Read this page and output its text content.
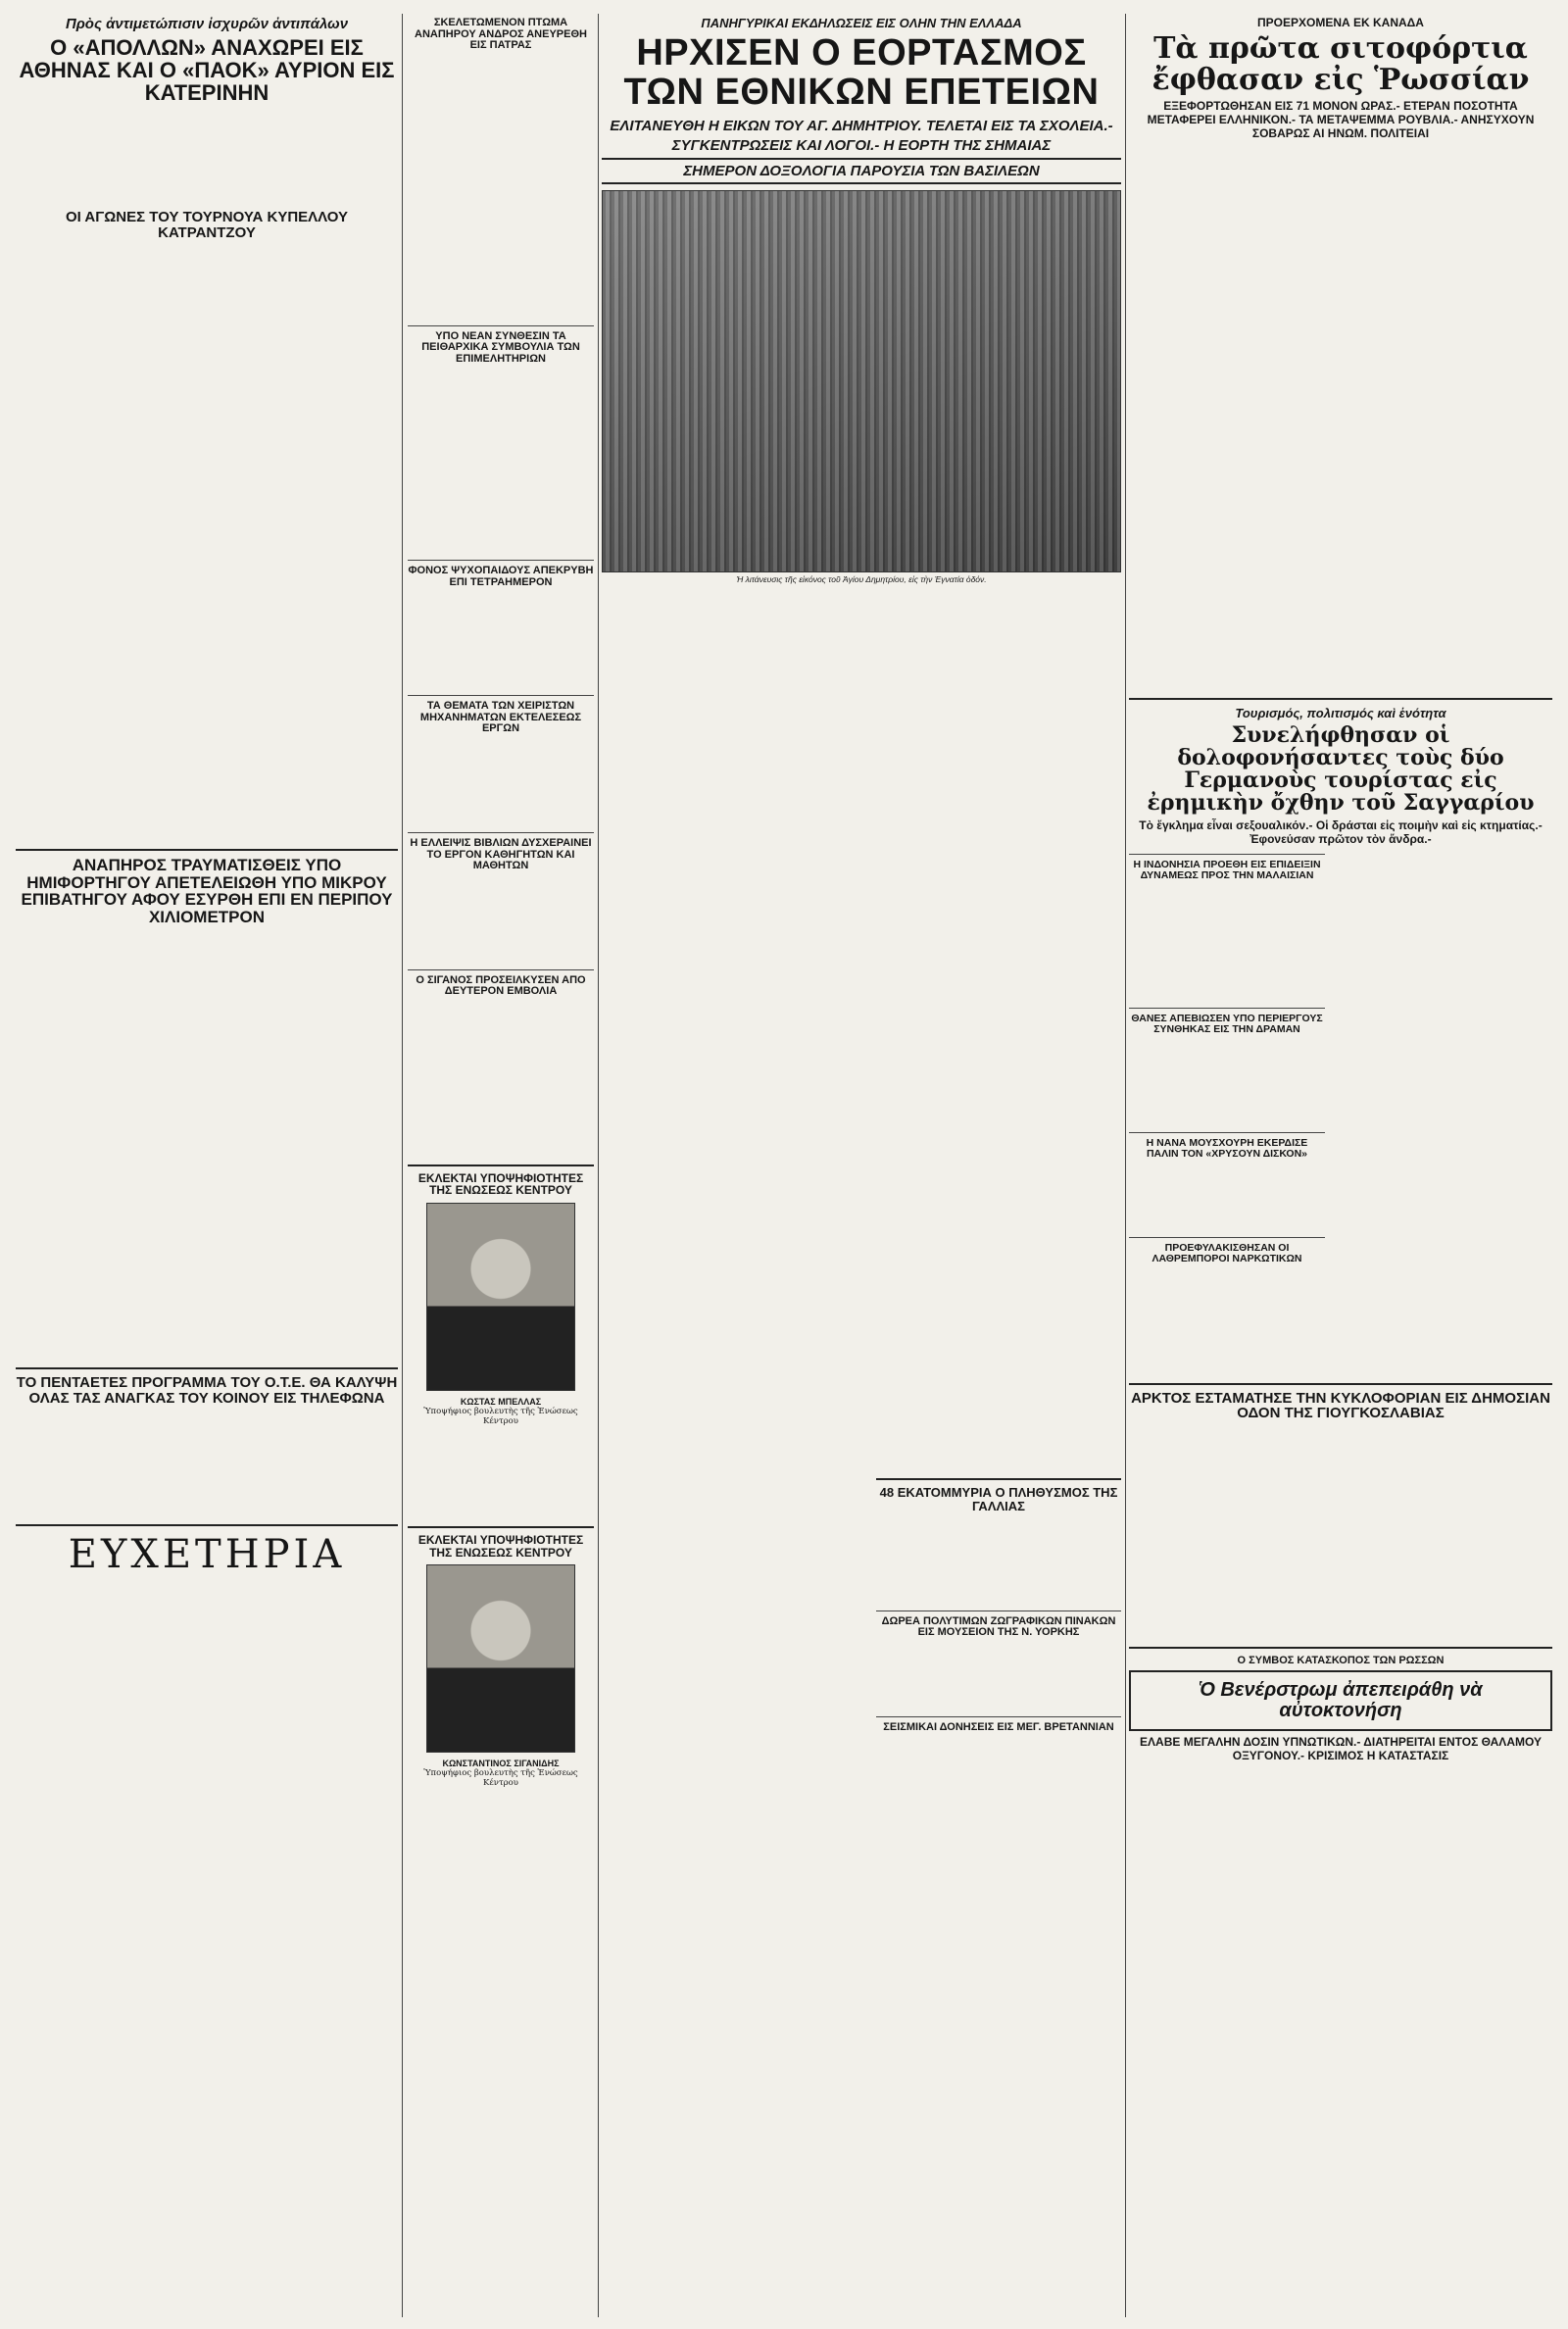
Πρὸς ἀντιμετώπισιν ἰσχυρῶν ἀντιπάλων
Ο «ΑΠΟΛΛΩΝ» ΑΝΑΧΩΡΕΙ ΕΙΣ ΑΘΗΝΑΣ ΚΑΙ Ο «ΠΑΟΚ» ΑΥΡΙΟΝ ΕΙΣ ΚΑΤΕΡΙΝΗΝ
ΟΙ ΑΓΩΝΕΣ ΤΟΥ ΤΟΥΡΝΟΥΑ ΚΥΠΕΛΛΟΥ ΚΑΤΡΑΝΤΖΟΥ
ΑΝΑΠΗΡΟΣ ΤΡΑΥΜΑΤΙΣΘΕΙΣ ΥΠΟ ΗΜΙΦΟΡΤΗΓΟΥ ΑΠΕΤΕΛΕΙΩΘΗ ΥΠΟ ΜΙΚΡΟΥ ΕΠΙΒΑΤΗΓΟΥ ΑΦΟΥ ΕΣΥΡΘΗ ΕΠΙ ΕΝ ΠΕΡΙΠΟΥ ΧΙΛΙΟΜΕΤΡΟΝ
ΤΟ ΠΕΝΤΑΕΤΕΣ ΠΡΟΓΡΑΜΜΑ ΤΟΥ Ο.Τ.Ε. ΘΑ ΚΑΛΥΨΗ ΟΛΑΣ ΤΑΣ ΑΝΑΓΚΑΣ ΤΟΥ ΚΟΙΝΟΥ ΕΙΣ ΤΗΛΕΦΩΝΑ
ΕΥΧΕΤΗΡΙΑ
ΣΚΕΛΕΤΩΜΕΝΟΝ ΠΤΩΜΑ ΑΝΑΠΗΡΟΥ ΑΝΔΡΟΣ ΑΝΕΥΡΕΘΗ ΕΙΣ ΠΑΤΡΑΣ
ΥΠΟ ΝΕΑΝ ΣΥΝΘΕΣΙΝ ΤΑ ΠΕΙΘΑΡΧΙΚΑ ΣΥΜΒΟΥΛΙΑ ΤΩΝ ΕΠΙΜΕΛΗΤΗΡΙΩΝ
ΦΟΝΟΣ ΨΥΧΟΠΑΙΔΟΥΣ ΑΠΕΚΡΥΒΗ ΕΠΙ ΤΕΤΡΑΗΜΕΡΟΝ
ΤΑ ΘΕΜΑΤΑ ΤΩΝ ΧΕΙΡΙΣΤΩΝ ΜΗΧΑΝΗΜΑΤΩΝ ΕΚΤΕΛΕΣΕΩΣ ΕΡΓΩΝ
Η ΕΛΛΕΙΨΙΣ ΒΙΒΛΙΩΝ ΔΥΣΧΕΡΑΙΝΕΙ ΤΟ ΕΡΓΟΝ ΚΑΘΗΓΗΤΩΝ ΚΑΙ ΜΑΘΗΤΩΝ
Ο ΣΙΓΑΝΟΣ ΠΡΟΣΕΙΛΚΥΣΕΝ ΑΠΟ ΔΕΥΤΕΡΟΝ ΕΜΒΟΛΙΑ
ΕΚΛΕΚΤΑΙ ΥΠΟΨΗΦΙΟΤΗΤΕΣ ΤΗΣ ΕΝΩΣΕΩΣ ΚΕΝΤΡΟΥ
ΚΩΣΤΑΣ ΜΠΕΛΛΑΣ
Ὑποψήφιος βουλευτὴς τῆς Ἑνώσεως Κέντρου
ΕΚΛΕΚΤΑΙ ΥΠΟΨΗΦΙΟΤΗΤΕΣ ΤΗΣ ΕΝΩΣΕΩΣ ΚΕΝΤΡΟΥ
ΚΩΝΣΤΑΝΤΙΝΟΣ ΣΙΓΑΝΙΔΗΣ
Ὑποψήφιος βουλευτὴς τῆς Ἑνώσεως Κέντρου
ΠΑΝΗΓΥΡΙΚΑΙ ΕΚΔΗΛΩΣΕΙΣ ΕΙΣ ΟΛΗΝ ΤΗΝ ΕΛΛΑΔΑ
ΗΡΧΙΣΕΝ Ο ΕΟΡΤΑΣΜΟΣ ΤΩΝ ΕΘΝΙΚΩΝ ΕΠΕΤΕΙΩΝ
ΕΛΙΤΑΝΕΥΘΗ Η ΕΙΚΩΝ ΤΟΥ ΑΓ. ΔΗΜΗΤΡΙΟΥ. ΤΕΛΕΤΑΙ ΕΙΣ ΤΑ ΣΧΟΛΕΙΑ.- ΣΥΓΚΕΝΤΡΩΣΕΙΣ ΚΑΙ ΛΟΓΟΙ.- Η ΕΟΡΤΗ ΤΗΣ ΣΗΜΑΙΑΣ
ΣΗΜΕΡΟΝ ΔΟΞΟΛΟΓΙΑ ΠΑΡΟΥΣΙΑ ΤΩΝ ΒΑΣΙΛΕΩΝ
Ἡ λιτάνευσις τῆς εἰκόνος τοῦ Ἁγίου Δημητρίου, εἰς τὴν Ἐγνατία ὁδόν.
48 ΕΚΑΤΟΜΜΥΡΙΑ Ο ΠΛΗΘΥΣΜΟΣ ΤΗΣ ΓΑΛΛΙΑΣ
ΔΩΡΕΑ ΠΟΛΥΤΙΜΩΝ ΖΩΓΡΑΦΙΚΩΝ ΠΙΝΑΚΩΝ ΕΙΣ ΜΟΥΣΕΙΟΝ ΤΗΣ Ν. ΥΟΡΚΗΣ
ΣΕΙΣΜΙΚΑΙ ΔΟΝΗΣΕΙΣ ΕΙΣ ΜΕΓ. ΒΡΕΤΑΝΝΙΑΝ
ΠΡΟΕΡΧΟΜΕΝΑ ΕΚ ΚΑΝΑΔΑ
Τὰ πρῶτα σιτοφόρτια ἔφθασαν εἰς Ῥωσσίαν
ΕΞΕΦΟΡΤΩΘΗΣΑΝ ΕΙΣ 71 ΜΟΝΟΝ ΩΡΑΣ.- ΕΤΕΡΑΝ ΠΟΣΟΤΗΤΑ ΜΕΤΑΦΕΡΕΙ ΕΛΛΗΝΙΚΟΝ.- ΤΑ ΜΕΤΑΨΕΜΜΑ ΡΟΥΒΛΙΑ.- ΑΝΗΣΥΧΟΥΝ ΣΟΒΑΡΩΣ ΑΙ ΗΝΩΜ. ΠΟΛΙΤΕΙΑΙ
Τουρισμός, πολιτισμός καὶ ἑνότητα
Συνελήφθησαν οἱ δολοφονήσαντες τοὺς δύο Γερμανοὺς τουρίστας εἰς ἐρημικὴν ὄχθην τοῦ Σαγγαρίου
Τὸ ἔγκλημα εἶναι σεξουαλικόν.- Οἱ δράσται εἰς ποιμὴν καὶ εἰς κτηματίας.- Ἐφονεύσαν πρῶτον τὸν ἄνδρα.-
Η ΙΝΔΟΝΗΣΙΑ ΠΡΟΕΘΗ ΕΙΣ ΕΠΙΔΕΙΞΙΝ ΔΥΝΑΜΕΩΣ ΠΡΟΣ ΤΗΝ ΜΑΛΑΙΣΙΑΝ
ΘΑΝΕΣ ΑΠΕΒΙΩΣΕΝ ΥΠΟ ΠΕΡΙΕΡΓΟΥΣ ΣΥΝΘΗΚΑΣ ΕΙΣ ΤΗΝ ΔΡΑΜΑΝ
Η ΝΑΝΑ ΜΟΥΣΧΟΥΡΗ ΕΚΕΡΔΙΣΕ ΠΑΛΙΝ ΤΟΝ «ΧΡΥΣΟΥΝ ΔΙΣΚΟΝ»
ΠΡΟΕΦΥΛΑΚΙΣΘΗΣΑΝ ΟΙ ΛΑΘΡΕΜΠΟΡΟΙ ΝΑΡΚΩΤΙΚΩΝ
ΑΡΚΤΟΣ ΕΣΤΑΜΑΤΗΣΕ ΤΗΝ ΚΥΚΛΟΦΟΡΙΑΝ ΕΙΣ ΔΗΜΟΣΙΑΝ ΟΔΟΝ ΤΗΣ ΓΙΟΥΓΚΟΣΛΑΒΙΑΣ
Ο ΣΥΜΒΟΣ ΚΑΤΑΣΚΟΠΟΣ ΤΩΝ ΡΩΣΣΩΝ
Ὁ Βενέρστρωμ ἀπεπειράθη νὰ αὐτοκτονήση
ΕΛΑΒΕ ΜΕΓΑΛΗΝ ΔΟΣΙΝ ΥΠΝΩΤΙΚΩΝ.- ΔΙΑΤΗΡΕΙΤΑΙ ΕΝΤΟΣ ΘΑΛΑΜΟΥ ΟΞΥΓΟΝΟΥ.- ΚΡΙΣΙΜΟΣ Η ΚΑΤΑΣΤΑΣΙΣ
